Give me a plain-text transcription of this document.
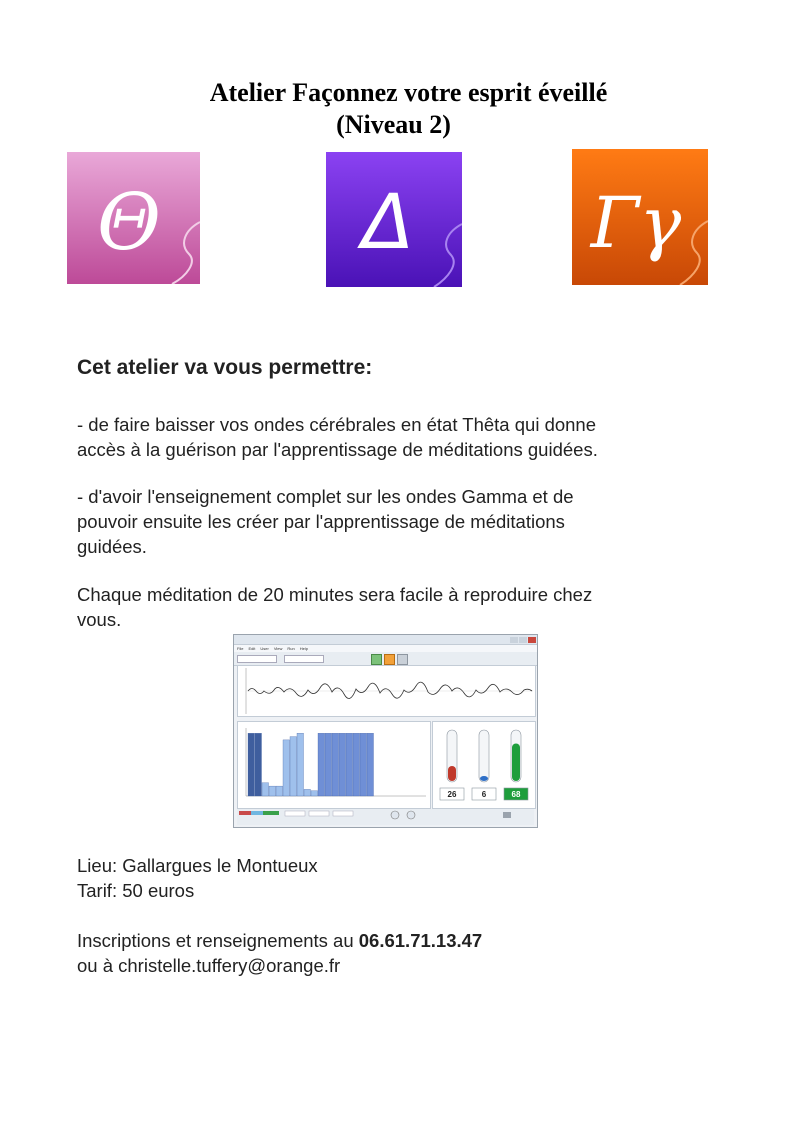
Atelier Façonnez votre esprit éveillé
(Niveau 2)
Θ	Δ	Γγ
Cet atelier va vous permettre:
- de faire baisser vos ondes cérébrales en état Thêta qui donne
accès à la guérison par l'apprentissage de méditations guidées.
- d'avoir l'enseignement complet sur les ondes Gamma et de
pouvoir ensuite les créer par l'apprentissage de méditations
guidées.
Chaque méditation de 20 minutes sera facile à reproduire chez
vous.
File Edit User View Run Help
26	6	68
Lieu: Gallargues le Montueux
Tarif: 50 euros
Inscriptions et renseignements au 06.61.71.13.47
ou à christelle.tuffery@orange.fr
